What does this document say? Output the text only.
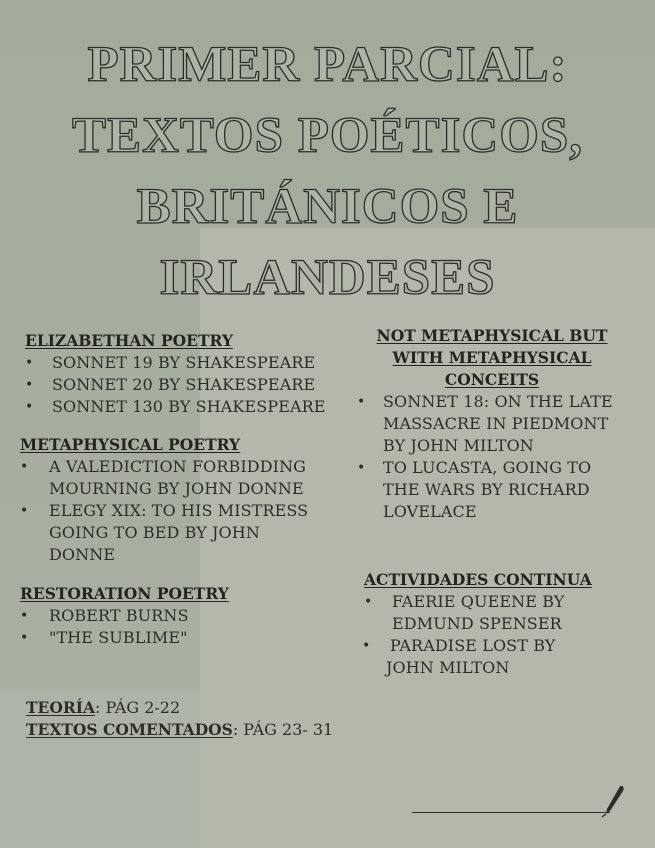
PRIMER PARCIAL:
TEXTOS POÉTICOS,
BRITÁNICOS E
IRLANDESES
ELIZABETHAN POETRY
• SONNET 19 BY SHAKESPEARE
• SONNET 20 BY SHAKESPEARE
• SONNET 130 BY SHAKESPEARE
METAPHYSICAL POETRY
• A VALEDICTION FORBIDDING
MOURNING BY JOHN DONNE
• ELEGY XIX: TO HIS MISTRESS
GOING TO BED BY JOHN
DONNE
RESTORATION POETRY
• ROBERT BURNS
• "THE SUBLIME"
NOT METAPHYSICAL BUT
WITH METAPHYSICAL
CONCEITS
• SONNET 18: ON THE LATE
MASSACRE IN PIEDMONT
BY JOHN MILTON
• TO LUCASTA, GOING TO
THE WARS BY RICHARD
LOVELACE
ACTIVIDADES CONTINUA
• FAERIE QUEENE BY
EDMUND SPENSER
• PARADISE LOST BY
JOHN MILTON
TEORÍA: PÁG 2-22
TEXTOS COMENTADOS: PÁG 23- 31
